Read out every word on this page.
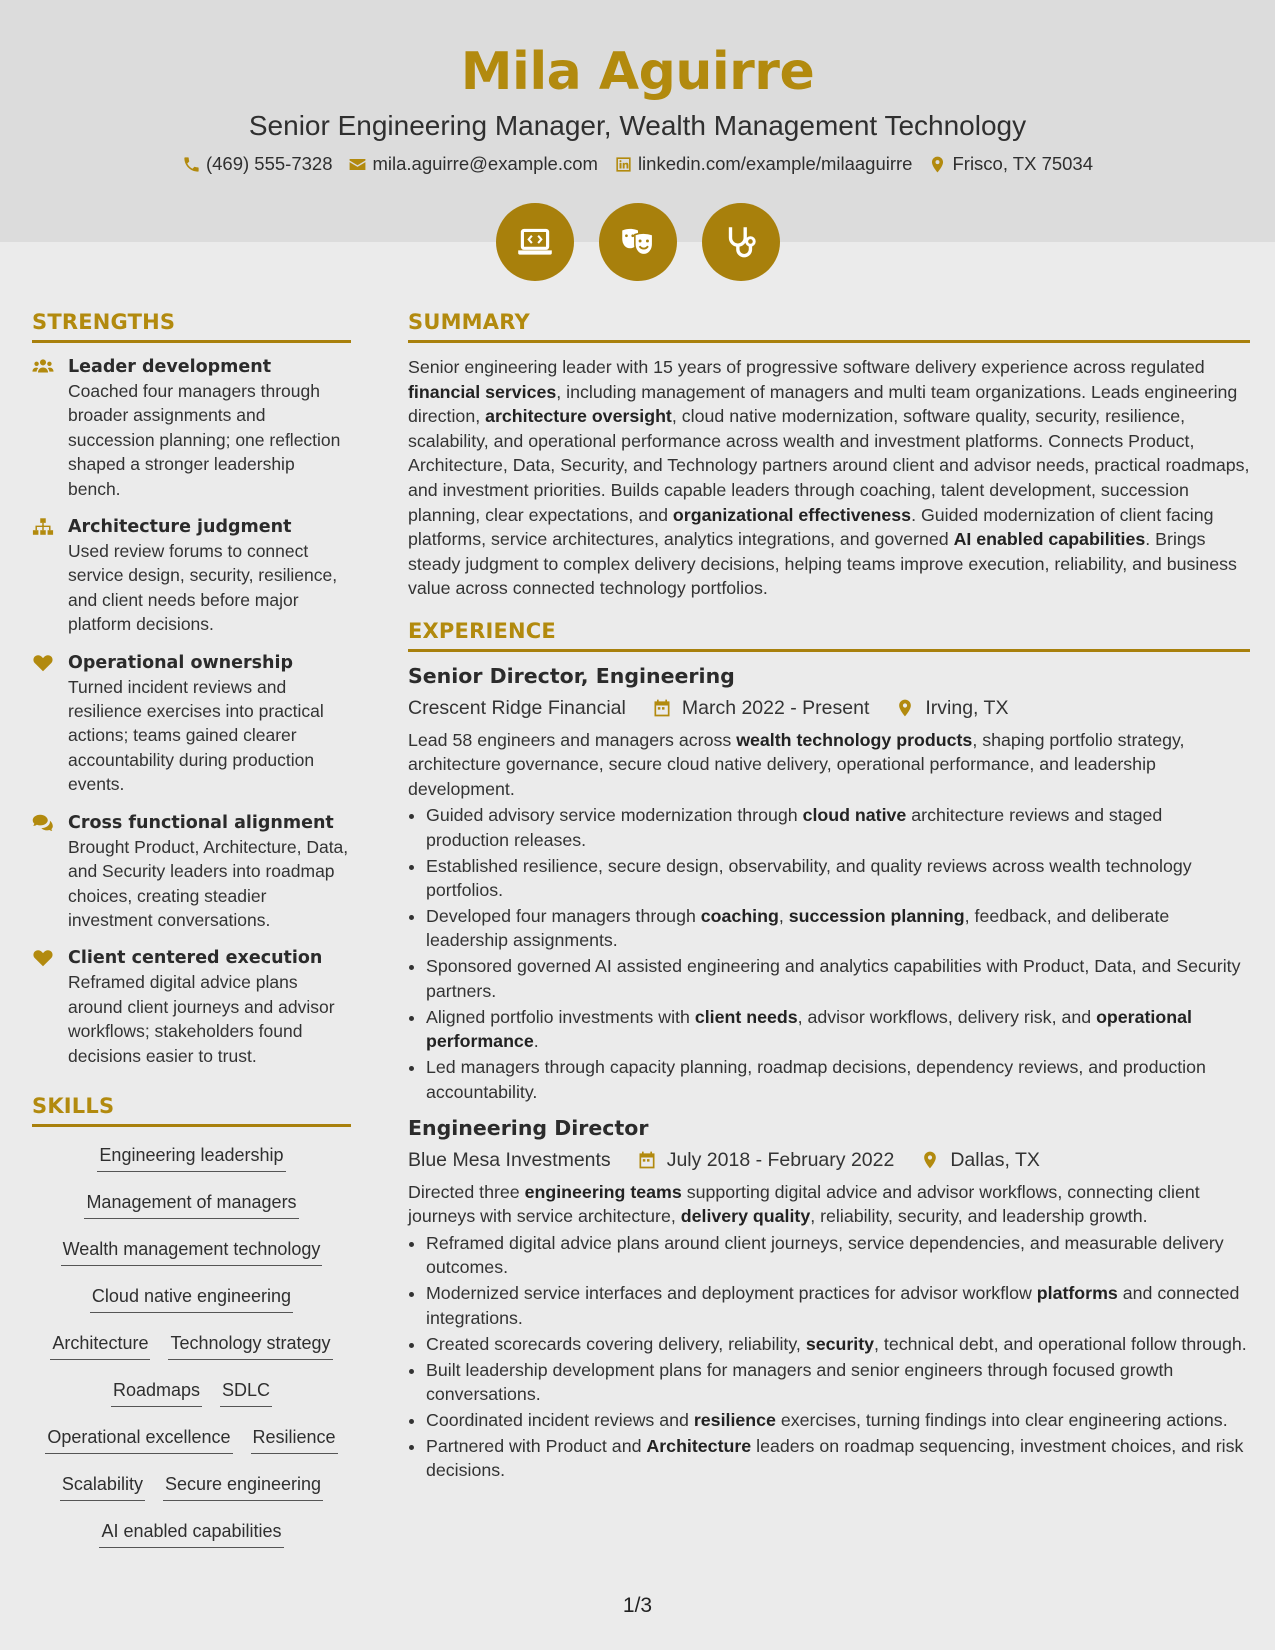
Mila Aguirre
Senior Engineering Manager, Wealth Management Technology
(469) 555-7328 mila.aguirre@example.com linkedin.com/example/milaaguirre Frisco, TX 75034
STRENGTHS
Leader development
Coached four managers through broader assignments and succession planning; one reflection shaped a stronger leadership bench.
Architecture judgment
Used review forums to connect service design, security, resilience, and client needs before major platform decisions.
Operational ownership
Turned incident reviews and resilience exercises into practical actions; teams gained clearer accountability during production events.
Cross functional alignment
Brought Product, Architecture, Data, and Security leaders into roadmap choices, creating steadier investment conversations.
Client centered execution
Reframed digital advice plans around client journeys and advisor workflows; stakeholders found decisions easier to trust.
SKILLS
Engineering leadership
Management of managers
Wealth management technology
Cloud native engineering
Architecture Technology strategy
Roadmaps SDLC
Operational excellence Resilience
Scalability Secure engineering
AI enabled capabilities
SUMMARY
Senior engineering leader with 15 years of progressive software delivery experience across regulated financial services, including management of managers and multi team organizations. Leads engineering direction, architecture oversight, cloud native modernization, software quality, security, resilience, scalability, and operational performance across wealth and investment platforms. Connects Product, Architecture, Data, Security, and Technology partners around client and advisor needs, practical roadmaps, and investment priorities. Builds capable leaders through coaching, talent development, succession planning, clear expectations, and organizational effectiveness. Guided modernization of client facing platforms, service architectures, analytics integrations, and governed AI enabled capabilities. Brings steady judgment to complex delivery decisions, helping teams improve execution, reliability, and business value across connected technology portfolios.
EXPERIENCE
Senior Director, Engineering
Crescent Ridge Financial	March 2022 - Present	Irving, TX
Lead 58 engineers and managers across wealth technology products, shaping portfolio strategy, architecture governance, secure cloud native delivery, operational performance, and leadership development.
• Guided advisory service modernization through cloud native architecture reviews and staged production releases.
• Established resilience, secure design, observability, and quality reviews across wealth technology portfolios.
• Developed four managers through coaching, succession planning, feedback, and deliberate leadership assignments.
• Sponsored governed AI assisted engineering and analytics capabilities with Product, Data, and Security partners.
• Aligned portfolio investments with client needs, advisor workflows, delivery risk, and operational performance.
• Led managers through capacity planning, roadmap decisions, dependency reviews, and production accountability.
Engineering Director
Blue Mesa Investments	July 2018 - February 2022	Dallas, TX
Directed three engineering teams supporting digital advice and advisor workflows, connecting client journeys with service architecture, delivery quality, reliability, security, and leadership growth.
• Reframed digital advice plans around client journeys, service dependencies, and measurable delivery outcomes.
• Modernized service interfaces and deployment practices for advisor workflow platforms and connected integrations.
• Created scorecards covering delivery, reliability, security, technical debt, and operational follow through.
• Built leadership development plans for managers and senior engineers through focused growth conversations.
• Coordinated incident reviews and resilience exercises, turning findings into clear engineering actions.
• Partnered with Product and Architecture leaders on roadmap sequencing, investment choices, and risk decisions.
1/3
